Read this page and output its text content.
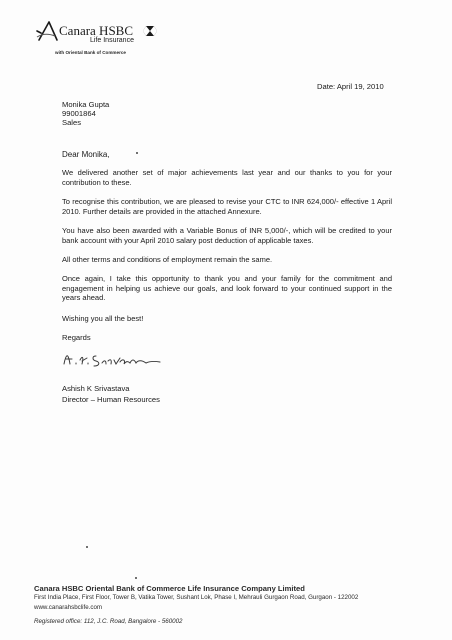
Canara HSBC
Life Insurance
with Oriental Bank of Commerce
Date: April 19, 2010
Monika Gupta
99001864
Sales
Dear Monika,
We delivered another set of major achievements last year and our thanks to you for your contribution to these.
To recognise this contribution, we are pleased to revise your CTC to INR 624,000/- effective 1 April 2010. Further details are provided in the attached Annexure.
You have also been awarded with a Variable Bonus of INR 5,000/-, which will be credited to your bank account with your April 2010 salary post deduction of applicable taxes.
All other terms and conditions of employment remain the same.
Once again, I take this opportunity to thank you and your family for the commitment and engagement in helping us achieve our goals, and look forward to your continued support in the years ahead.
Wishing you all the best!
Regards
Ashish K Srivastava
Director – Human Resources
Canara HSBC Oriental Bank of Commerce Life Insurance Company Limited
First India Place, First Floor, Tower B, Vatika Tower, Sushant Lok, Phase I, Mehrauli Gurgaon Road, Gurgaon - 122002
www.canarahsbclife.com
Registered office: 112, J.C. Road, Bangalore - 560002
